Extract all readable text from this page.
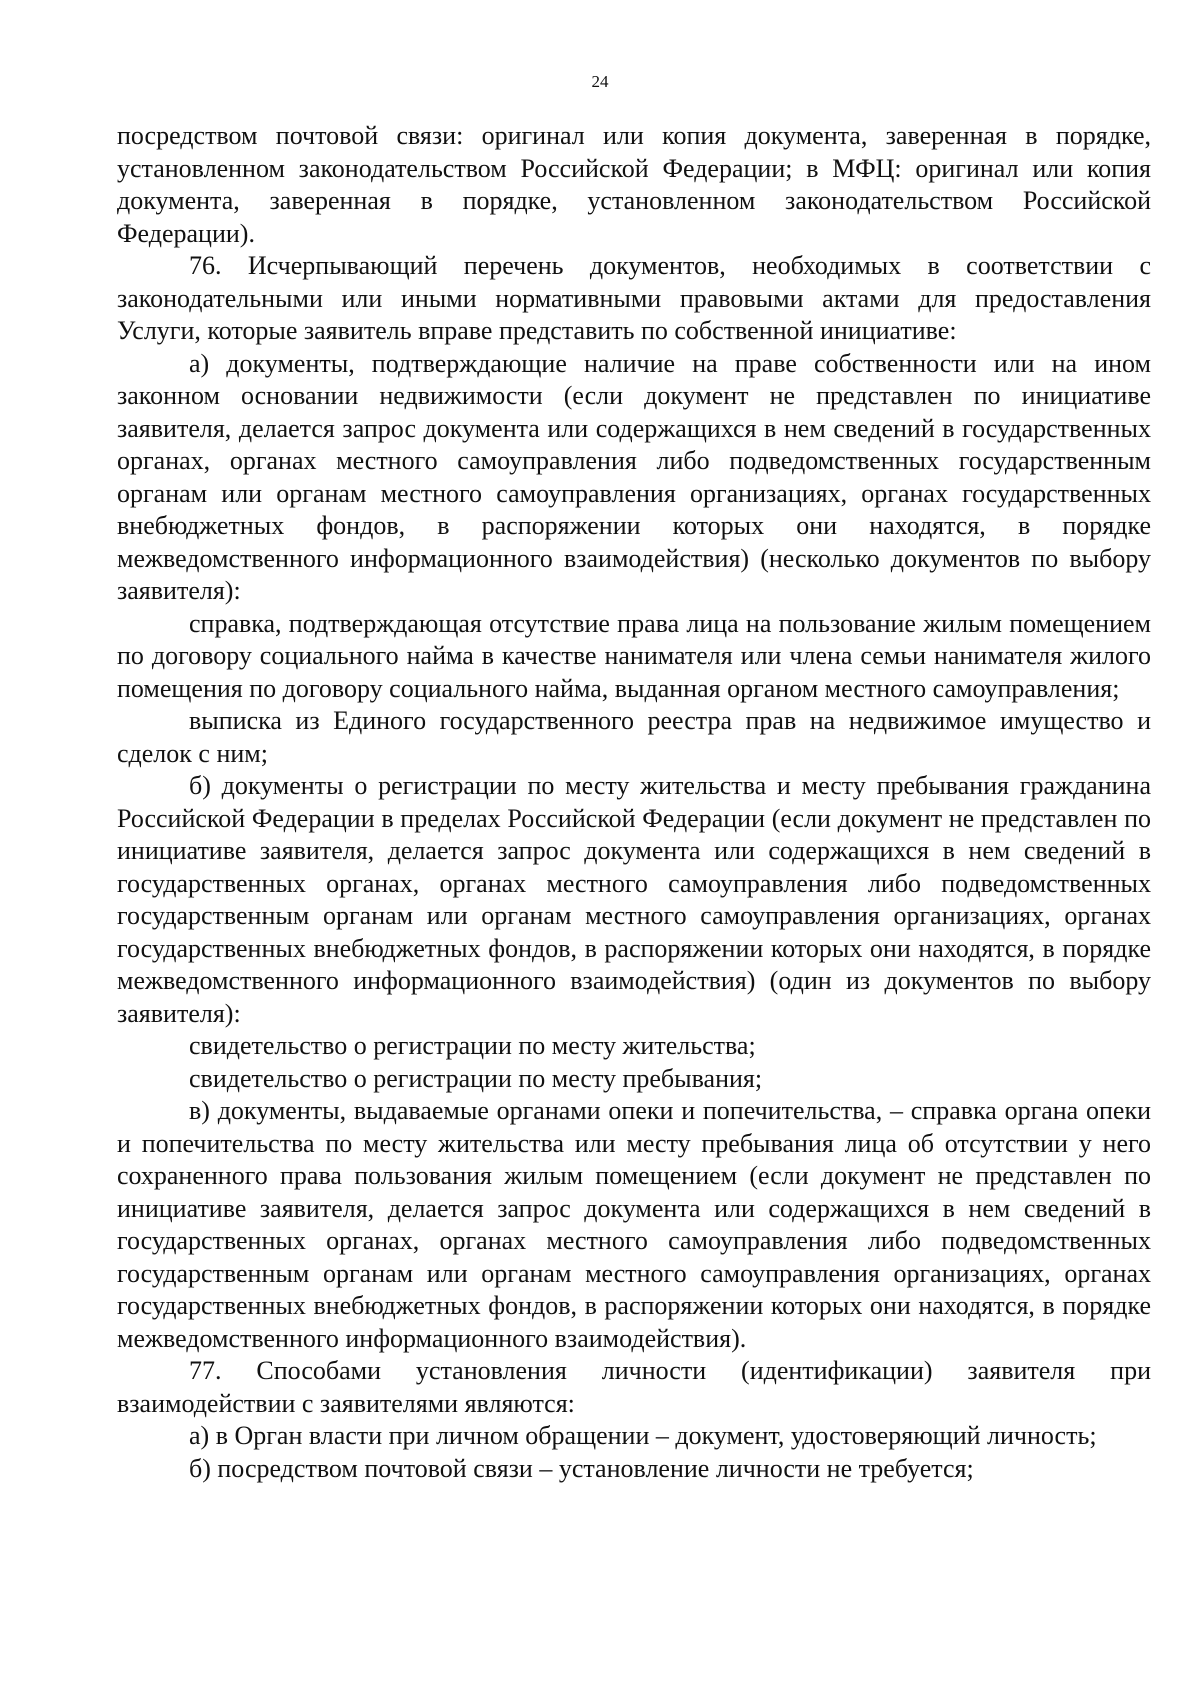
24

посредством почтовой связи: оригинал или копия документа, заверенная в порядке, установленном законодательством Российской Федерации; в МФЦ: оригинал или копия документа, заверенная в порядке, установленном законодательством Российской Федерации).

76. Исчерпывающий перечень документов, необходимых в соответствии с законодательными или иными нормативными правовыми актами для предоставления Услуги, которые заявитель вправе представить по собственной инициативе:

а) документы, подтверждающие наличие на праве собственности или на ином законном основании недвижимости (если документ не представлен по инициативе заявителя, делается запрос документа или содержащихся в нем сведений в государственных органах, органах местного самоуправления либо подведомственных государственным органам или органам местного самоуправления организациях, органах государственных внебюджетных фондов, в распоряжении которых они находятся, в порядке межведомственного информационного взаимодействия) (несколько документов по выбору заявителя):

справка, подтверждающая отсутствие права лица на пользование жилым помещением по договору социального найма в качестве нанимателя или члена семьи нанимателя жилого помещения по договору социального найма, выданная органом местного самоуправления;

выписка из Единого государственного реестра прав на недвижимое имущество и сделок с ним;

б) документы о регистрации по месту жительства и месту пребывания гражданина Российской Федерации в пределах Российской Федерации (если документ не представлен по инициативе заявителя, делается запрос документа или содержащихся в нем сведений в государственных органах, органах местного самоуправления либо подведомственных государственным органам или органам местного самоуправления организациях, органах государственных внебюджетных фондов, в распоряжении которых они находятся, в порядке межведомственного информационного взаимодействия) (один из документов по выбору заявителя):

свидетельство о регистрации по месту жительства;

свидетельство о регистрации по месту пребывания;

в) документы, выдаваемые органами опеки и попечительства, – справка органа опеки и попечительства по месту жительства или месту пребывания лица об отсутствии у него сохраненного права пользования жилым помещением (если документ не представлен по инициативе заявителя, делается запрос документа или содержащихся в нем сведений в государственных органах, органах местного самоуправления либо подведомственных государственным органам или органам местного самоуправления организациях, органах государственных внебюджетных фондов, в распоряжении которых они находятся, в порядке межведомственного информационного взаимодействия).

77. Способами установления личности (идентификации) заявителя при взаимодействии с заявителями являются:

а) в Орган власти при личном обращении – документ, удостоверяющий личность;

б) посредством почтовой связи – установление личности не требуется;
